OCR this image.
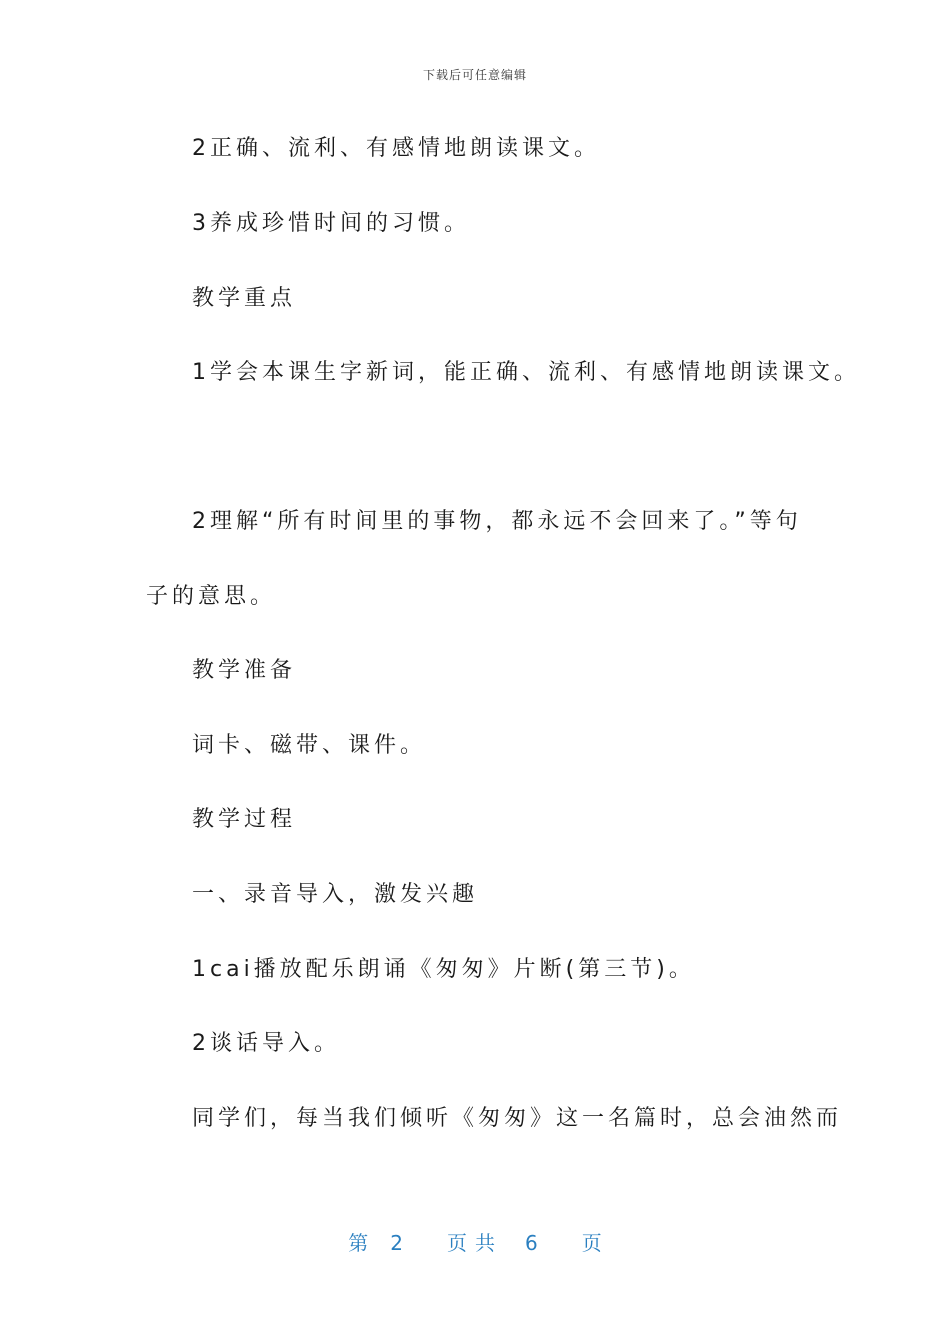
下载后可任意编辑
2正确、流利、有感情地朗读课文。
3养成珍惜时间的习惯。
教学重点
1学会本课生字新词，能正确、流利、有感情地朗读课文。
2理解“所有时间里的事物，都永远不会回来了。”等句
子的意思。
教学准备
词卡、磁带、课件。
教学过程
一、录音导入，激发兴趣
1cai播放配乐朗诵《匆匆》片断(第三节)。
2谈话导入。
同学们，每当我们倾听《匆匆》这一名篇时，总会油然而
第 2 页共 6 页
